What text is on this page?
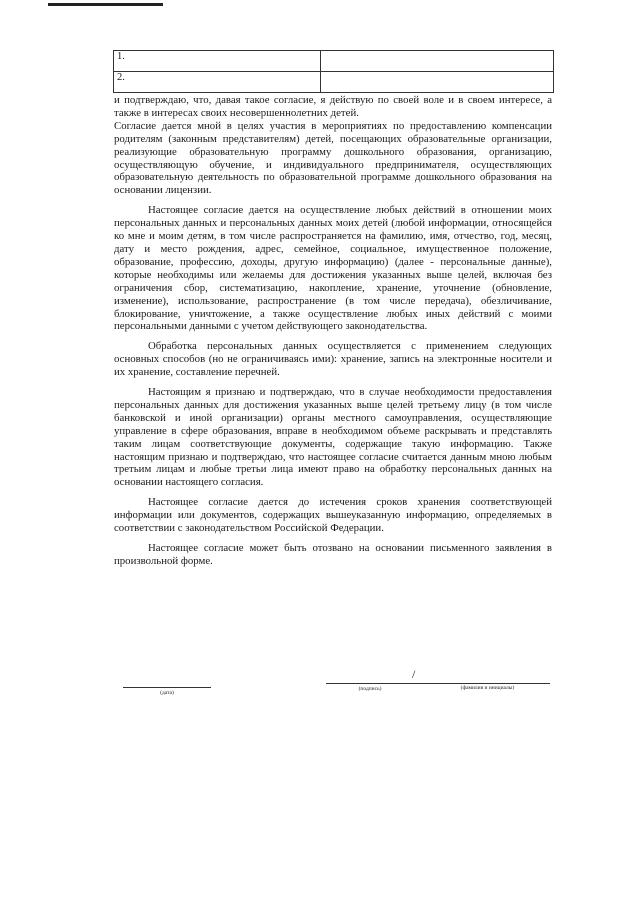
1.	
2.	

и подтверждаю, что, давая такое согласие, я действую по своей воле и в своем интересе, а также в интересах своих несовершеннолетних детей.

Согласие дается мной в целях участия в мероприятиях по предоставлению компенсации родителям (законным представителям) детей, посещающих образовательные организации, реализующие образовательную программу дошкольного образования, организацию, осуществляющую обучение, и индивидуального предпринимателя, осуществляющих образовательную деятельность по образовательной программе дошкольного образования на основании лицензии.

Настоящее согласие дается на осуществление любых действий в отношении моих персональных данных и персональных данных моих детей (любой информации, относящейся ко мне и моим детям, в том числе распространяется на фамилию, имя, отчество, год, месяц, дату и место рождения, адрес, семейное, социальное, имущественное положение, образование, профессию, доходы, другую информацию) (далее - персональные данные), которые необходимы или желаемы для достижения указанных выше целей, включая без ограничения сбор, систематизацию, накопление, хранение, уточнение (обновление, изменение), использование, распространение (в том числе передача), обезличивание, блокирование, уничтожение, а также осуществление любых иных действий с моими персональными данными с учетом действующего законодательства.

Обработка персональных данных осуществляется с применением следующих основных способов (но не ограничиваясь ими): хранение, запись на электронные носители и их хранение, составление перечней.

Настоящим я признаю и подтверждаю, что в случае необходимости предоставления персональных данных для достижения указанных выше целей третьему лицу (в том числе банковской и иной организации) органы местного самоуправления, осуществляющие управление в сфере образования, вправе в необходимом объеме раскрывать и представлять таким лицам соответствующие документы, содержащие такую информацию. Также настоящим признаю и подтверждаю, что настоящее согласие считается данным мною любым третьим лицам и любые третьи лица имеют право на обработку персональных данных на основании настоящего согласия.

Настоящее согласие дается до истечения сроков хранения соответствующей информации или документов, содержащих вышеуказанную информацию, определяемых в соответствии с законодательством Российской Федерации.

Настоящее согласие может быть отозвано на основании письменного заявления в произвольной форме.

(дата)
/
(подпись)	(фамилия и инициалы)
